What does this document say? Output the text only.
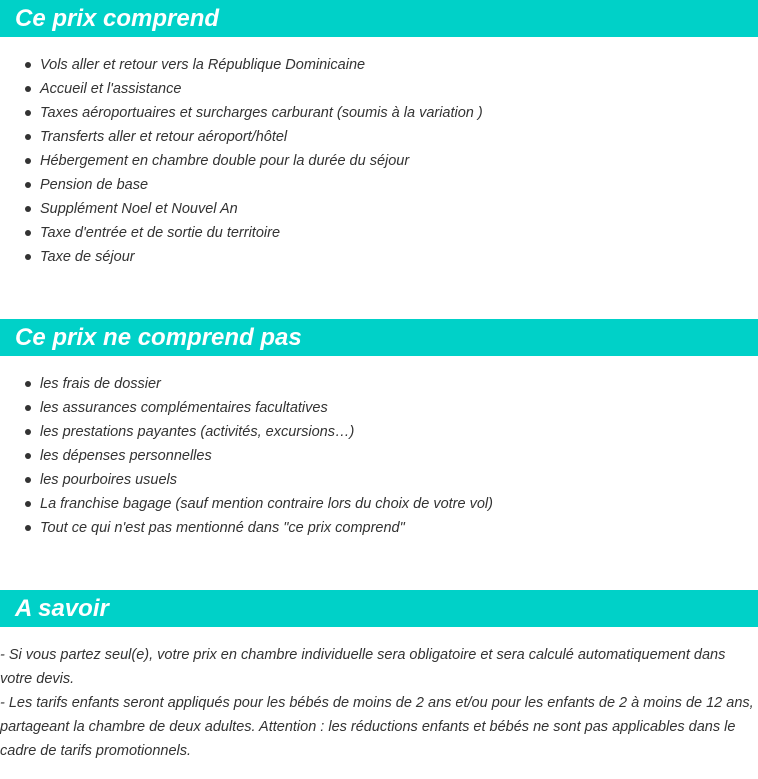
Ce prix comprend
Vols aller et retour vers la République Dominicaine
Accueil et l'assistance
Taxes aéroportuaires et surcharges carburant (soumis à la variation )
Transferts aller et retour aéroport/hôtel
Hébergement en chambre double pour la durée du séjour
Pension de base
Supplément Noel et Nouvel An
Taxe d'entrée et de sortie du territoire
Taxe de séjour
Ce prix ne comprend pas
les frais de dossier
les assurances complémentaires facultatives
les prestations payantes (activités, excursions…)
les dépenses personnelles
les pourboires usuels
La franchise bagage (sauf mention contraire lors du choix de votre vol)
Tout ce qui n'est pas mentionné dans "ce prix comprend"
A savoir

- Si vous partez seul(e), votre prix en chambre individuelle sera obligatoire et sera calculé automatiquement dans votre devis.

- Les tarifs enfants seront appliqués pour les bébés de moins de 2 ans et/ou pour les enfants de 2 à moins de 12 ans, partageant la chambre de deux adultes. Attention : les réductions enfants et bébés ne sont pas applicables dans le cadre de tarifs promotionnels.
